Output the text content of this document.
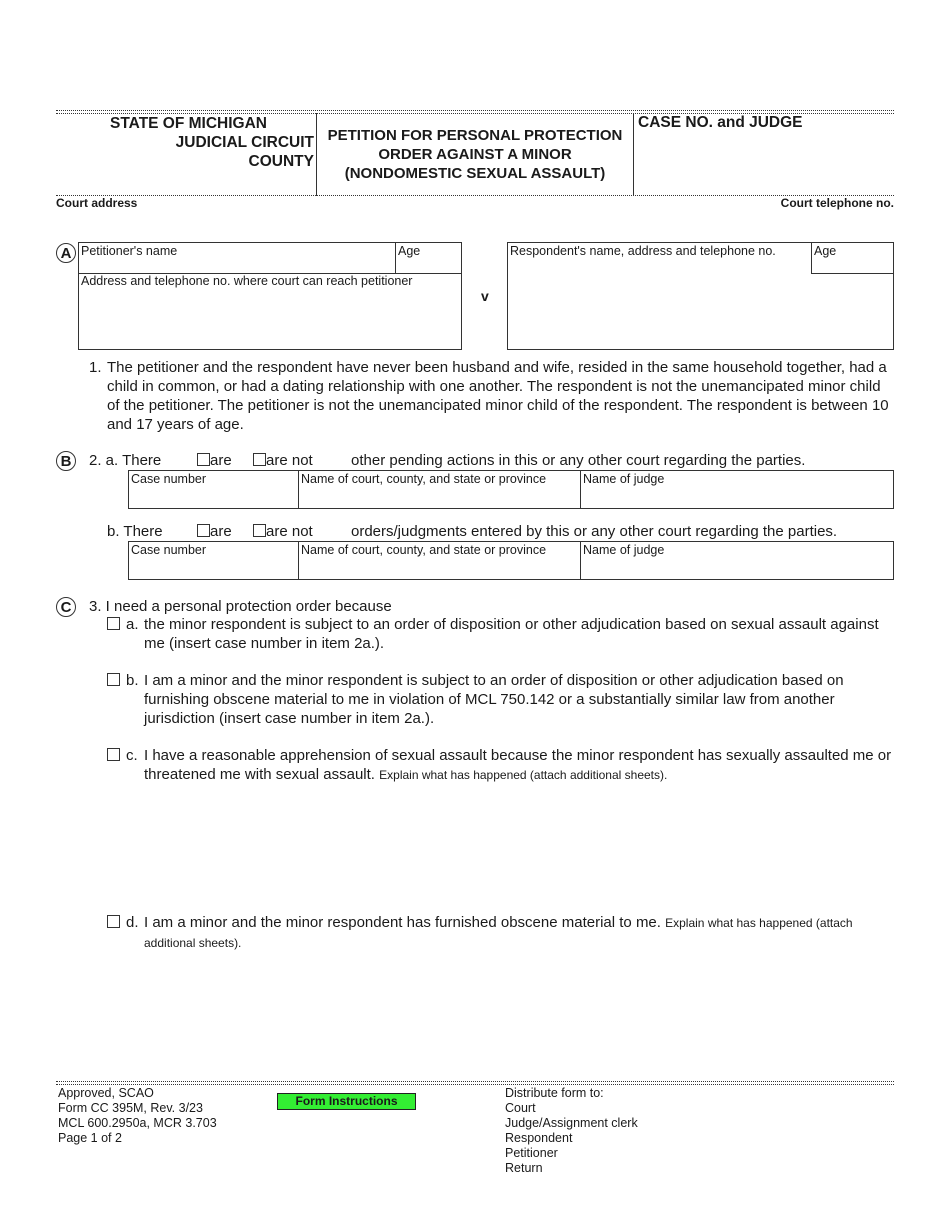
STATE OF MICHIGAN
JUDICIAL CIRCUIT
COUNTY
PETITION FOR PERSONAL PROTECTION
ORDER AGAINST A MINOR
(NONDOMESTIC SEXUAL ASSAULT)
CASE NO. and JUDGE
Court address	Court telephone no.
A Petitioner's name	Age
Address and telephone no. where court can reach petitioner
v
Respondent's name, address and telephone no.	Age
1. The petitioner and the respondent have never been husband and wife, resided in the same household together, had a child in common, or had a dating relationship with one another. The respondent is not the unemancipated minor child of the petitioner. The petitioner is not the unemancipated minor child of the respondent. The respondent is between 10 and 17 years of age.
B	2. a. There	are	are not	other pending actions in this or any other court regarding the parties.
Case number	Name of court, county, and state or province	Name of judge
b. There	are	are not	orders/judgments entered by this or any other court regarding the parties.
Case number	Name of court, county, and state or province	Name of judge
C	3. I need a personal protection order because
a. the minor respondent is subject to an order of disposition or other adjudication based on sexual assault against me (insert case number in item 2a.).
b. I am a minor and the minor respondent is subject to an order of disposition or other adjudication based on furnishing obscene material to me in violation of MCL 750.142 or a substantially similar law from another jurisdiction (insert case number in item 2a.).
c. I have a reasonable apprehension of sexual assault because the minor respondent has sexually assaulted me or threatened me with sexual assault. Explain what has happened (attach additional sheets).
d. I am a minor and the minor respondent has furnished obscene material to me. Explain what has happened (attach additional sheets).
Approved, SCAO
Form CC 395M, Rev. 3/23
MCL 600.2950a, MCR 3.703
Page 1 of 2
Form Instructions
Distribute form to:
Court
Judge/Assignment clerk
Respondent
Petitioner
Return
